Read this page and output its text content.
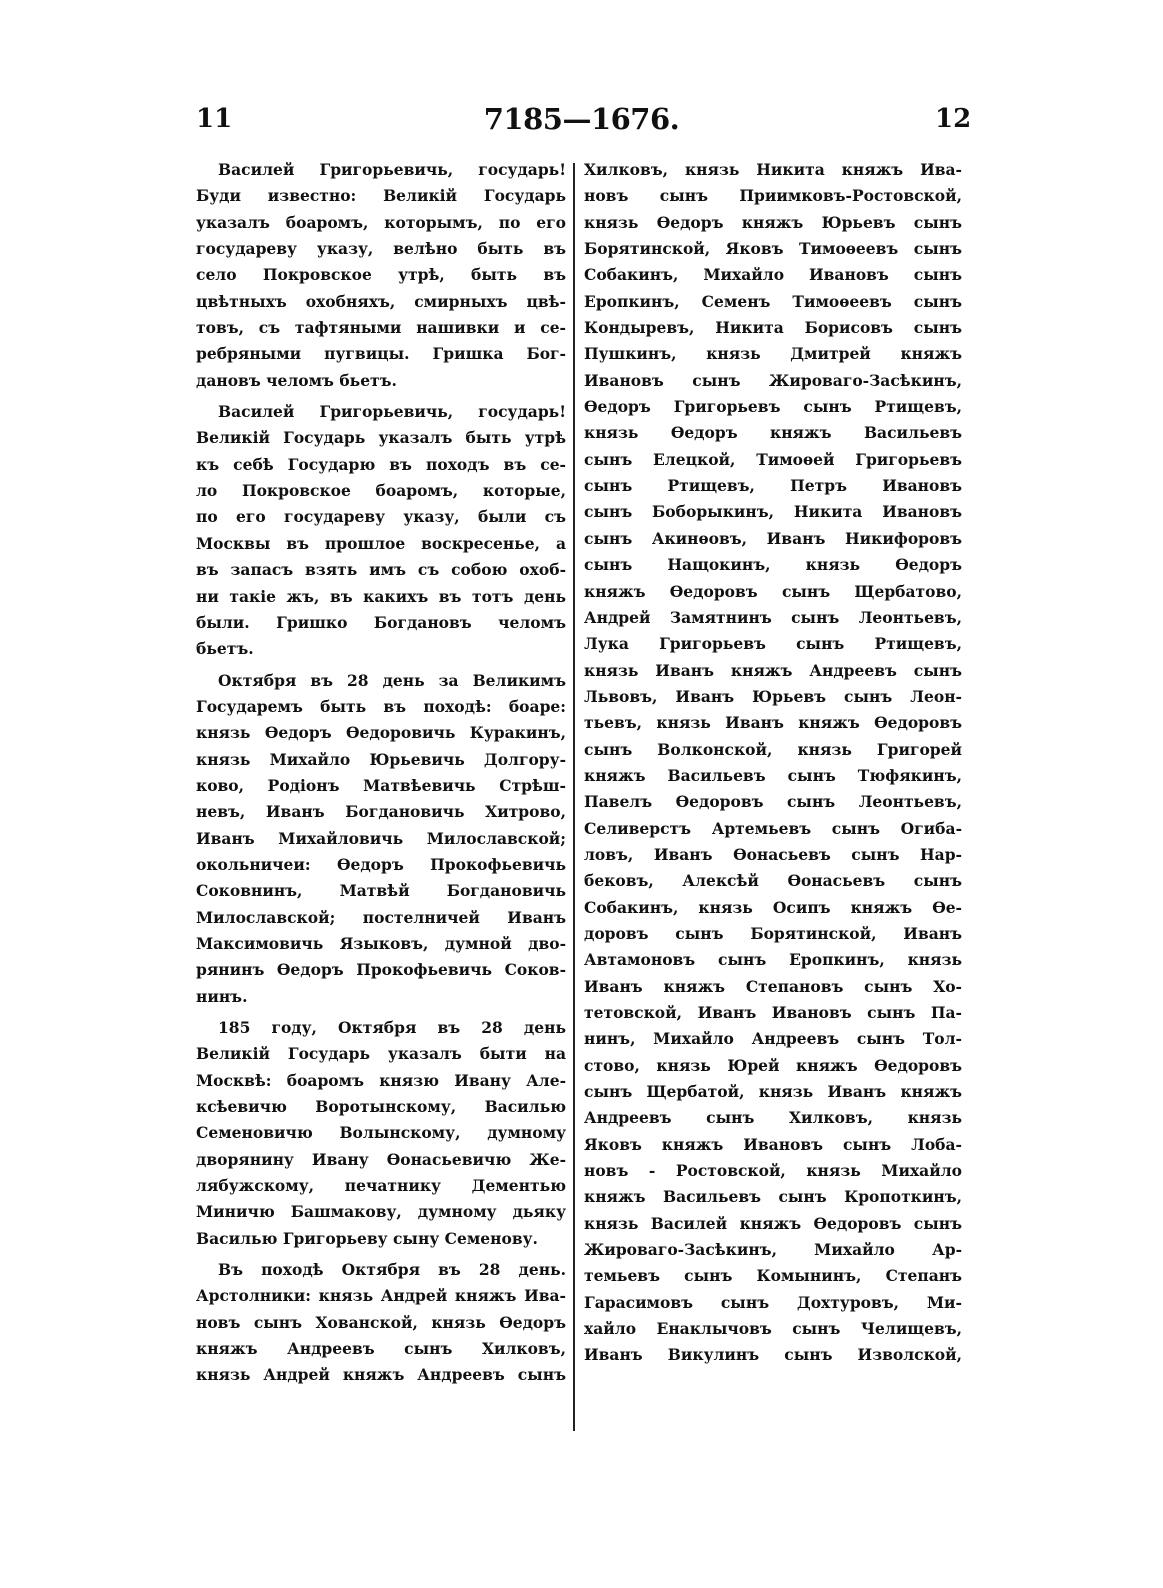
11	7185—1676.	12
Василей Григорьевичь, государь!
Буди известно: Великій Государь
указалъ боаромъ, которымъ, по его
государеву указу, велѣно быть въ
село Покровское утрѣ, быть въ
цвѣтныхъ охобняхъ, смирныхъ цвѣ-
товъ, съ тафтяными нашивки и се-
ребряными пугвицы. Гришка Бог-
дановъ челомъ бьетъ.
Василей Григорьевичь, государь!
Великій Государь указалъ быть утрѣ
къ себѣ Государю въ походъ въ се-
ло Покровское боаромъ, которые,
по его государеву указу, были съ
Москвы въ прошлое воскресенье, а
въ запасъ взять имъ съ собою охоб-
ни такіе жъ, въ какихъ въ тотъ день
были. Гришко Богдановъ челомъ
бьетъ.
Октября въ 28 день за Великимъ
Государемъ быть въ походѣ: боаре:
князь Ѳедоръ Ѳедоровичь Куракинъ,
князь Михайло Юрьевичь Долгору-
ково, Родіонъ Матвѣевичь Стрѣш-
невъ, Иванъ Богдановичь Хитрово,
Иванъ Михайловичь Милославской;
окольничеи: Ѳедоръ Прокофьевичь
Соковнинъ, Матвѣй Богдановичь
Милославской; постелничей Иванъ
Максимовичь Языковъ, думной дво-
рянинъ Ѳедоръ Прокофьевичь Соков-
нинъ.
185 году, Октября въ 28 день
Великій Государь указалъ быти на
Москвѣ: боаромъ князю Ивану Але-
ксѣевичю Воротынскому, Василью
Семеновичю Волынскому, думному
дворянину Ивану Ѳонасьевичю Же-
лябужскому, печатнику Дементью
Миничю Башмакову, думному дьяку
Василью Григорьеву сыну Семенову.
Въ походѣ Октября въ 28 день.
Арстолники: князь Андрей княжъ Ива-
новъ сынъ Хованской, князь Ѳедоръ
княжъ Андреевъ сынъ Хилковъ,
князь Андрей княжъ Андреевъ сынъ
Хилковъ, князь Никита княжъ Ива-
новъ сынъ Приимковъ-Ростовской,
князь Ѳедоръ княжъ Юрьевъ сынъ
Борятинской, Яковъ Тимоѳеевъ сынъ
Собакинъ, Михайло Ивановъ сынъ
Еропкинъ, Семенъ Тимоѳеевъ сынъ
Кондыревъ, Никита Борисовъ сынъ
Пушкинъ, князь Дмитрей княжъ
Ивановъ сынъ Жироваго-Засѣкинъ,
Ѳедоръ Григорьевъ сынъ Ртищевъ,
князь Ѳедоръ княжъ Васильевъ
сынъ Елецкой, Тимоѳей Григорьевъ
сынъ Ртищевъ, Петръ Ивановъ
сынъ Боборыкинъ, Никита Ивановъ
сынъ Акинѳовъ, Иванъ Никифоровъ
сынъ Нащокинъ, князь Ѳедоръ
княжъ Ѳедоровъ сынъ Щербатово,
Андрей Замятнинъ сынъ Леонтьевъ,
Лука Григорьевъ сынъ Ртищевъ,
князь Иванъ княжъ Андреевъ сынъ
Львовъ, Иванъ Юрьевъ сынъ Леон-
тьевъ, князь Иванъ княжъ Ѳедоровъ
сынъ Волконской, князь Григорей
княжъ Васильевъ сынъ Тюфякинъ,
Павелъ Ѳедоровъ сынъ Леонтьевъ,
Селиверстъ Артемьевъ сынъ Огибa-
ловъ, Иванъ Ѳонасьевъ сынъ Нар-
бековъ, Алексѣй Ѳонасьевъ сынъ
Собакинъ, князь Осипъ княжъ Ѳе-
доровъ сынъ Борятинской, Иванъ
Автамоновъ сынъ Еропкинъ, князь
Иванъ княжъ Степановъ сынъ Хо-
тетовской, Иванъ Ивановъ сынъ Па-
нинъ, Михайло Андреевъ сынъ Тол-
стово, князь Юрей княжъ Ѳедоровъ
сынъ Щербатой, князь Иванъ княжъ
Андреевъ сынъ Хилковъ, князь
Яковъ княжъ Ивановъ сынъ Лоба-
новъ - Ростовской, князь Михайло
княжъ Васильевъ сынъ Кропоткинъ,
князь Василей княжъ Ѳедоровъ сынъ
Жироваго-Засѣкинъ, Михайло Ар-
темьевъ сынъ Комынинъ, Степанъ
Гарасимовъ сынъ Дохтуровъ, Ми-
хайло Енаклычовъ сынъ Челищевъ,
Иванъ Викулинъ сынъ Изволской,
